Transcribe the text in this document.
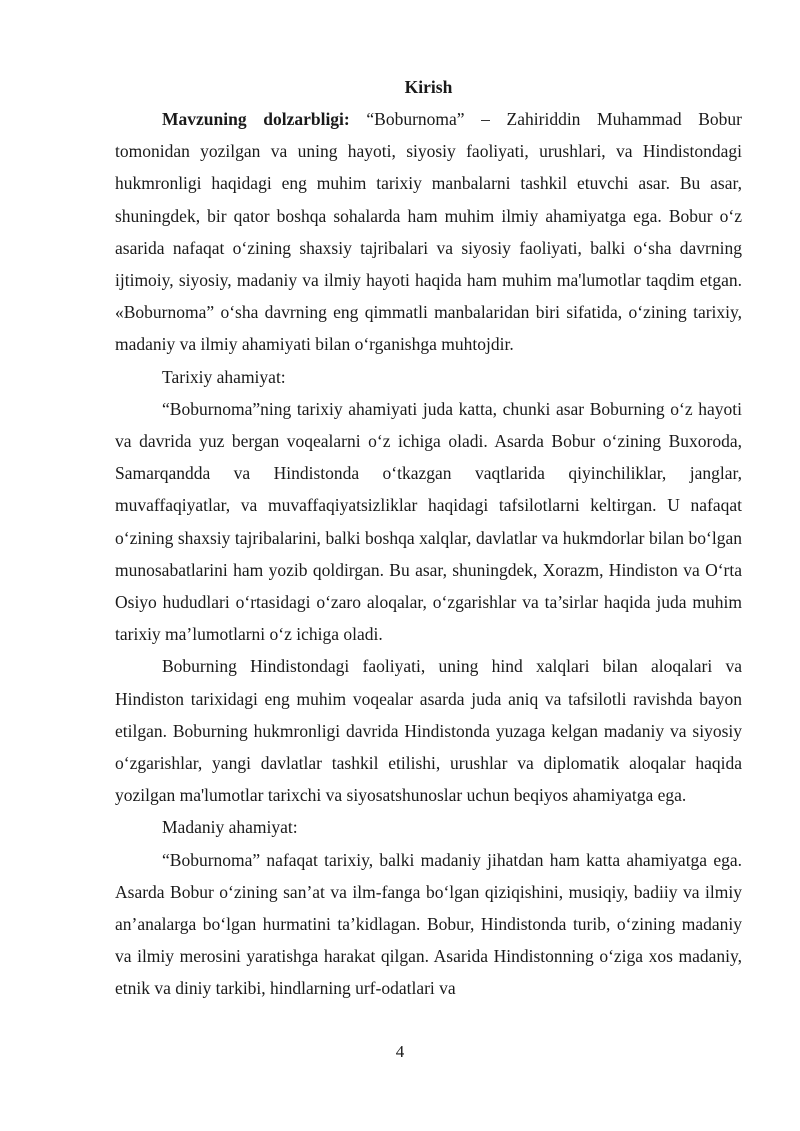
Kirish

Mavzuning dolzarbligi: “Boburnoma” – Zahiriddin Muhammad Bobur tomonidan yozilgan va uning hayoti, siyosiy faoliyati, urushlari, va Hindistondagi hukmronligi haqidagi eng muhim tarixiy manbalarni tashkil etuvchi asar. Bu asar, shuningdek, bir qator boshqa sohalarda ham muhim ilmiy ahamiyatga ega. Bobur oʻz asarida nafaqat oʻzining shaxsiy tajribalari va siyosiy faoliyati, balki oʻsha davrning ijtimoiy, siyosiy, madaniy va ilmiy hayoti haqida ham muhim ma'lumotlar taqdim etgan. «Boburnoma” oʻsha davrning eng qimmatli manbalaridan biri sifatida, oʻzining tarixiy, madaniy va ilmiy ahamiyati bilan oʻrganishga muhtojdir.

Tarixiy ahamiyat:

“Boburnoma”ning tarixiy ahamiyati juda katta, chunki asar Boburning oʻz hayoti va davrida yuz bergan voqealarni oʻz ichiga oladi. Asarda Bobur oʻzining Buxoroda, Samarqandda va Hindistonda oʻtkazgan vaqtlarida qiyinchiliklar, janglar, muvaffaqiyatlar, va muvaffaqiyatsizliklar haqidagi tafsilotlarni keltirgan. U nafaqat oʻzining shaxsiy tajribalarini, balki boshqa xalqlar, davlatlar va hukmdorlar bilan boʻlgan munosabatlarini ham yozib qoldirgan. Bu asar, shuningdek, Xorazm, Hindiston va Oʻrta Osiyo hududlari oʻrtasidagi oʻzaro aloqalar, oʻzgarishlar va ta’sirlar haqida juda muhim tarixiy ma’lumotlarni oʻz ichiga oladi.

Boburning Hindistondagi faoliyati, uning hind xalqlari bilan aloqalari va Hindiston tarixidagi eng muhim voqealar asarda juda aniq va tafsilotli ravishda bayon etilgan. Boburning hukmronligi davrida Hindistonda yuzaga kelgan madaniy va siyosiy oʻzgarishlar, yangi davlatlar tashkil etilishi, urushlar va diplomatik aloqalar haqida yozilgan ma'lumotlar tarixchi va siyosatshunoslar uchun beqiyos ahamiyatga ega.

Madaniy ahamiyat:

“Boburnoma” nafaqat tarixiy, balki madaniy jihatdan ham katta ahamiyatga ega. Asarda Bobur oʻzining san’at va ilm-fanga boʻlgan qiziqishini, musiqiy, badiiy va ilmiy an’analarga boʻlgan hurmatini ta’kidlagan. Bobur, Hindistonda turib, oʻzining madaniy va ilmiy merosini yaratishga harakat qilgan. Asarida Hindistonning oʻziga xos madaniy, etnik va diniy tarkibi, hindlarning urf-odatlari va

4
